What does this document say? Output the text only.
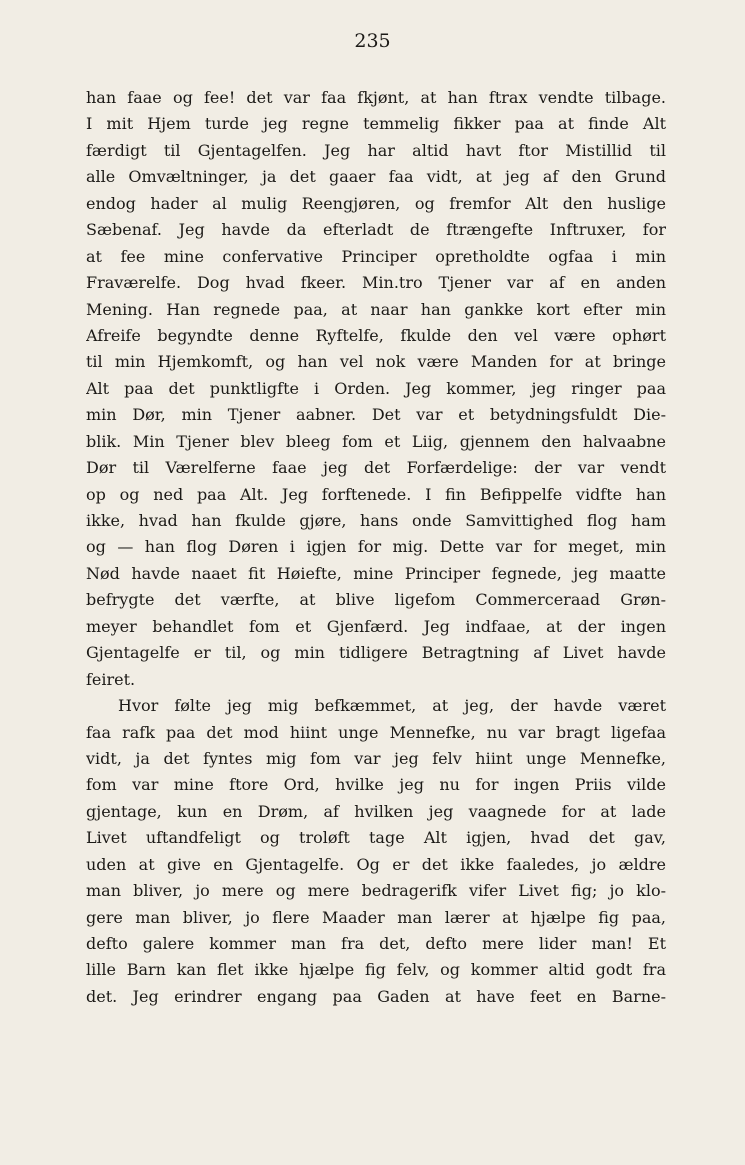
235
han faae og fee! det var faa fkjønt, at han ftrax vendte tilbage.
I mit Hjem turde jeg regne temmelig fikker paa at finde Alt
færdigt til Gjentagelfen. Jeg har altid havt ftor Mistillid til
alle Omvæltninger, ja det gaaer faa vidt, at jeg af den Grund
endog hader al mulig Reengjøren, og fremfor Alt den huslige
Sæbenaf. Jeg havde da efterladt de ftrængefte Inftruxer, for
at fee mine confervative Principer opretholdte ogfaa i min
Fraværelfe. Dog hvad fkeer. Min.tro Tjener var af en anden
Mening. Han regnede paa, at naar han gankke kort efter min
Afreife begyndte denne Ryftelfe, fkulde den vel være ophørt
til min Hjemkomft, og han vel nok være Manden for at bringe
Alt paa det punktligfte i Orden. Jeg kommer, jeg ringer paa
min Dør, min Tjener aabner. Det var et betydningsfuldt Die-
blik. Min Tjener blev bleeg fom et Liig, gjennem den halvaabne
Dør til Værelferne faae jeg det Forfærdelige: der var vendt
op og ned paa Alt. Jeg forftenede. I fin Befippelfe vidfte han
ikke, hvad han fkulde gjøre, hans onde Samvittighed flog ham
og — han flog Døren i igjen for mig. Dette var for meget, min
Nød havde naaet fit Høiefte, mine Principer fegnede, jeg maatte
befrygte det værfte, at blive ligefom Commerceraad Grøn-
meyer behandlet fom et Gjenfærd. Jeg indfaae, at der ingen
Gjentagelfe er til, og min tidligere Betragtning af Livet havde
feiret.
Hvor følte jeg mig befkæmmet, at jeg, der havde været
faa rafk paa det mod hiint unge Mennefke, nu var bragt ligefaa
vidt, ja det fyntes mig fom var jeg felv hiint unge Mennefke,
fom var mine ftore Ord, hvilke jeg nu for ingen Priis vilde
gjentage, kun en Drøm, af hvilken jeg vaagnede for at lade
Livet uftandfeligt og troløft tage Alt igjen, hvad det gav,
uden at give en Gjentagelfe. Og er det ikke faaledes, jo ældre
man bliver, jo mere og mere bedragerifk vifer Livet fig; jo klo-
gere man bliver, jo flere Maader man lærer at hjælpe fig paa,
defto galere kommer man fra det, defto mere lider man! Et
lille Barn kan flet ikke hjælpe fig felv, og kommer altid godt fra
det. Jeg erindrer engang paa Gaden at have feet en Barne-
